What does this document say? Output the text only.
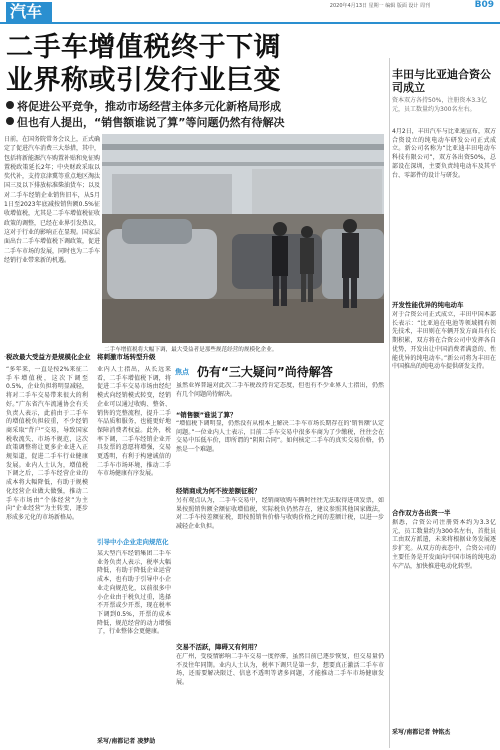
汽车	2020年4月13日 星期一 编辑 版面 设计 周刊	B09
二手车增值税终于下调
业界称或引发行业巨变
将促进公平竞争，推动市场经营主体多元化新格局形成
但也有人提出，“销售额谁说了算”等问题仍然有待解决
日前，在国务院常务会议上，正式确定了促进汽车消费三大举措，其中，包括将新能源汽车购置补贴和免征购置税政策延长2年；中央财政采取以奖代补，支持京津冀等重点地区淘汰国三及以下排放标准柴油货车；以及对二手车经销企业销售旧车，从5月1日至2023年底减按销售额0.5%征收增值税，尤其是二手车增值税征收政策的调整，已经在业界引发热议，这对于行业的影响正在显现。国家层面出台二手车增值税下调政策，促进二手车市场的发展，同时也为二手车经销行业带来新的机遇。
二手车增值税将大幅下调，最大受益者是那些规范经营的规模化企业。
税改最大受益方是规模化企业
“多年来，一直是按2%来征二手车增值税，这次下调至0.5%，企业负担将明显减轻，将对二手车交易带来很大的利好。”广东省汽车流通协会有关负责人表示，此前由于二手车的增值税负担较重，不少经销商采取“背户”交易，导致国家税收流失、市场不规范，这次政策调整将让更多企业进入正规渠道，促进二手车行业健康发展。业内人士认为，增值税下调之后，二手车经营企业的成本将大幅降低，有助于规模化经营企业做大做强，推动二手车市场由“个体经营”为主向“企业经营”为主转变，逐步形成多元化的市场新格局。
将刺激市场转型升级
业内人士指出，从长远来看，二手车增值税下调，将促进二手车交易市场由经纪模式向经销模式转变，经销企业可以通过收购、整备、销售的完整流程，提升二手车品质和服务，也能更好地保障消费者权益。此外，税率下调，二手车经销企业开具发票的意愿将增强，交易更透明，有利于构建诚信的二手车市场环境，推动二手车市场健康有序发展。
引导中小企业走向规范化
某大型汽车经销集团二手车业务负责人表示，税率大幅降低，有助于降低企业运营成本，也有助于引导中小企业走向规范化，以前很多中小企业由于税负过重，选择不开票或少开票，现在税率下调到0.5%，开票的成本降低，规范经营的动力增强了，行业整体会更健康。
采写/南都记者 凌梦劼
焦点 仍有“三大疑问”尚待解答
虽然业界普遍对此次二手车税改持肯定态度，但也有不少业界人士指出，仍然有几个问题尚待解决。
“销售额”谁说了算？
“增值税下调明显，仍然没有从根本上解决二手车市场长期存在的‘销售额’认定问题。”一位业内人士表示，目前二手车交易中很多车商为了少缴税，往往会在交易中压低车价，即所谓的“阴阳合同”。如何核定二手车的真实交易价格，仍然是一个难题。
经销商成为何不按差额征税？
另有观点认为，二手车交易中，经销商收购车辆时往往无法取得进项发票，如果按照销售额全额征收增值税，实际税负仍然存在，建议参照其他国家做法，对二手车按差额征税，即按照销售价格与收购价格之间的差额计税，以进一步减轻企业负担。
交易不活跃，障碍又有何用？
在广州，受疫情影响二手车交易一度停滞，虽然目前已逐步恢复，但交易量仍不及往年同期。业内人士认为，税率下调只是第一步，想要真正激活二手车市场，还需要解决限迁、信息不透明等诸多问题，才能推动二手车市场健康发展。
丰田与比亚迪合资公司成立
资本双方各持50%，注册资本3.3亿元，员工数量约为300名左右。
4月2日，丰田汽车与比亚迪宣布，双方合资设立的纯电动车研发公司正式成立。新公司名称为“比亚迪丰田电动车科技有限公司”，双方各出资50%，总部设在深圳，主要负责纯电动车及其平台、零部件的设计与研发。
开发性能优异的纯电动车
对于合资公司正式成立，丰田中国本部长表示：“比亚迪在电池等领域拥有领先技术，丰田则在车辆开发方面具有长期积累，双方将在合资公司中发挥各自优势，开发出让中国消费者满意的、性能优异的纯电动车。”新公司将为丰田在中国推出的纯电动车提供研发支持。
合作双方各出资一半
据悉，合资公司注册资本约为3.3亿元，员工数量约为300名左右，首批员工由双方派遣，未来将根据业务发展逐步扩充。从双方的表态中，合资公司的主要任务是开发面向中国市场的纯电动车产品，加快推进电动化转型。
采写/南都记者 钟铭杰
